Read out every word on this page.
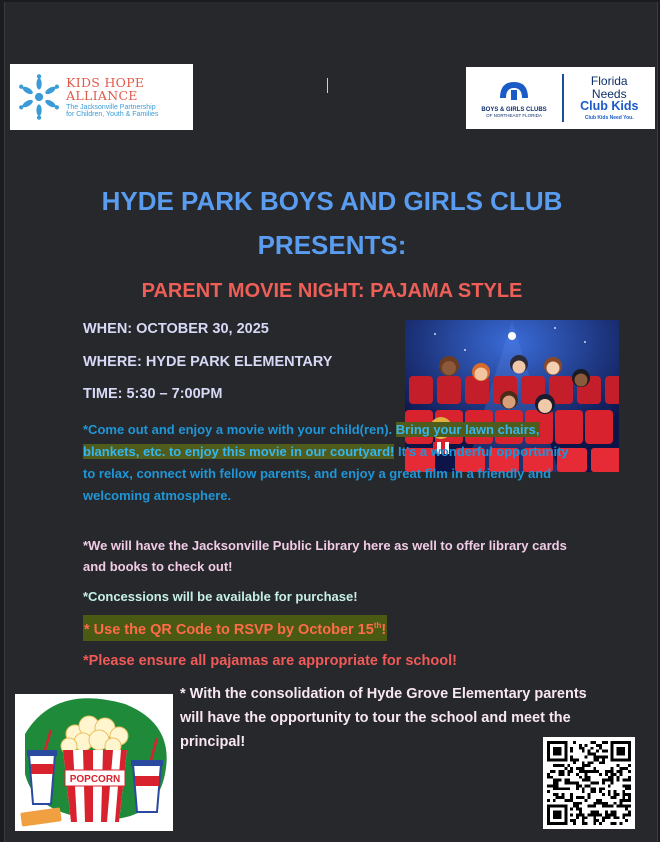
KIDS HOPE ALLIANCE
The Jacksonville Partnership
for Children, Youth & Families
BOYS & GIRLS CLUBS
OF NORTHEAST FLORIDA
Florida
Needs
Club Kids
Club Kids Need You.
HYDE PARK BOYS AND GIRLS CLUB
PRESENTS:
PARENT MOVIE NIGHT: PAJAMA STYLE
WHEN: OCTOBER 30, 2025
WHERE: HYDE PARK ELEMENTARY
TIME: 5:30 – 7:00PM
*Come out and enjoy a movie with your child(ren). Bring your lawn chairs, blankets, etc. to enjoy this movie in our courtyard! It’s a wonderful opportunity to relax, connect with fellow parents, and enjoy a great film in a friendly and welcoming atmosphere.
*We will have the Jacksonville Public Library here as well to offer library cards and books to check out!
*Concessions will be available for purchase!
* Use the QR Code to RSVP by October 15th!
*Please ensure all pajamas are appropriate for school!
* With the consolidation of Hyde Grove Elementary parents will have the opportunity to tour the school and meet the principal!
POPCORN
